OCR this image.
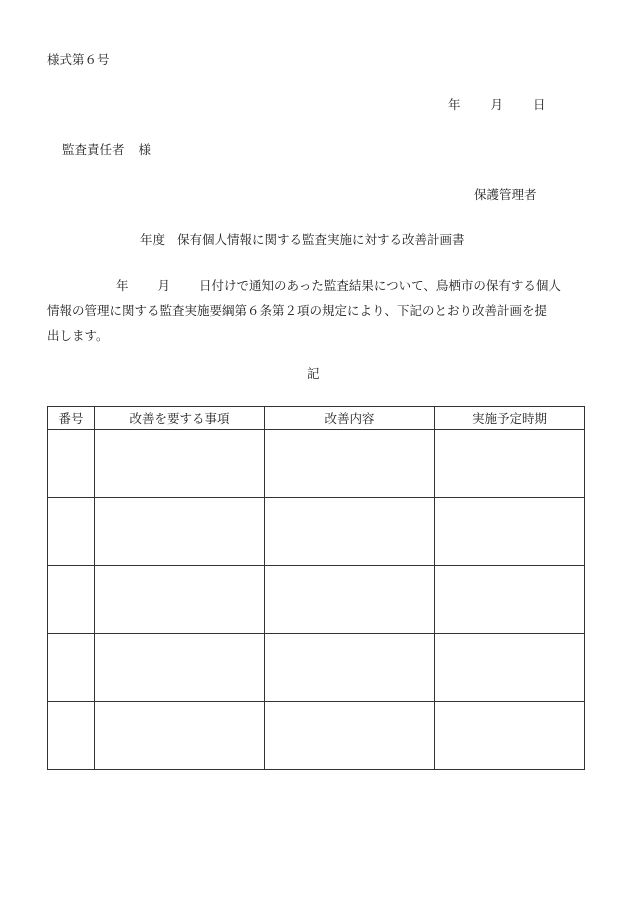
様式第６号
年 月 日
監査責任者 様
保護管理者
年度 保有個人情報に関する監査実施に対する改善計画書
年 月 日付けで通知のあった監査結果について、鳥栖市の保有する個人
情報の管理に関する監査実施要綱第６条第２項の規定により、下記のとおり改善計画を提
出します。
記
番号	改善を要する事項	改善内容	実施予定時期
